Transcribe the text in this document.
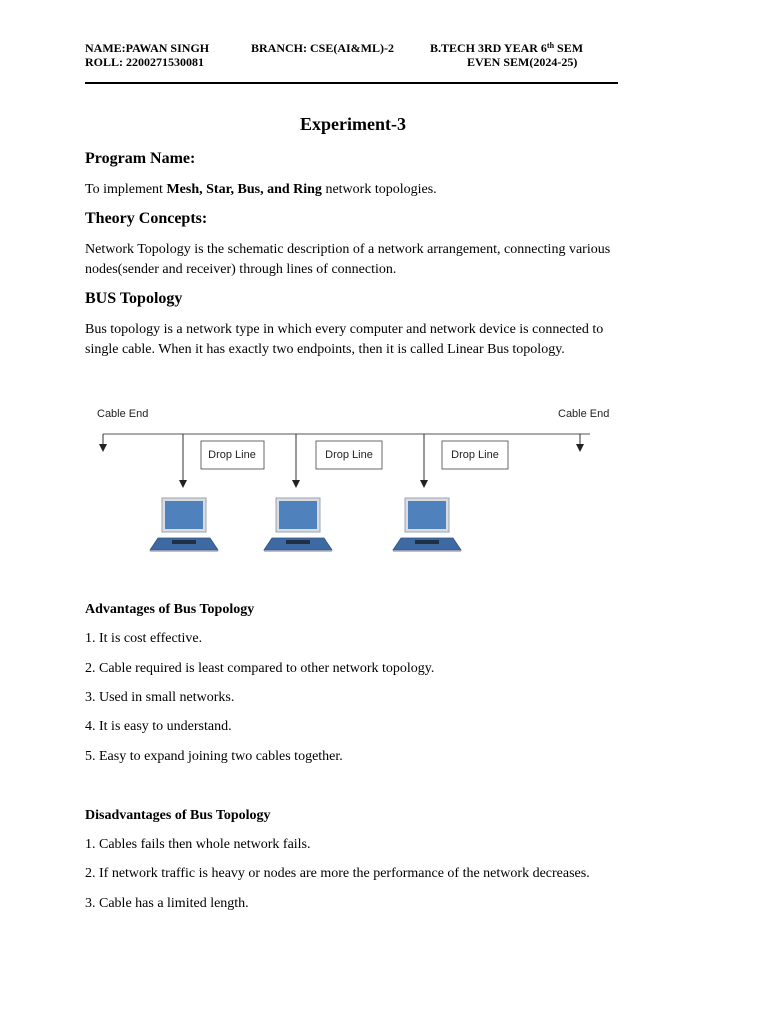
NAME:PAWAN SINGH
ROLL: 2200271530081
BRANCH: CSE(AI&ML)-2	B.TECH 3RD YEAR 6th SEM
EVEN SEM(2024-25)
Experiment-3
Program Name:
To implement Mesh, Star, Bus, and Ring network topologies.
Theory Concepts:
Network Topology is the schematic description of a network arrangement, connecting various nodes(sender and receiver) through lines of connection.
BUS Topology
Bus topology is a network type in which every computer and network device is connected to single cable. When it has exactly two endpoints, then it is called Linear Bus topology.
Cable End	Cable End
Drop Line	Drop Line	Drop Line
Advantages of Bus Topology
1. It is cost effective.
2. Cable required is least compared to other network topology.
3. Used in small networks.
4. It is easy to understand.
5. Easy to expand joining two cables together.
Disadvantages of Bus Topology
1. Cables fails then whole network fails.
2. If network traffic is heavy or nodes are more the performance of the network decreases.
3. Cable has a limited length.
